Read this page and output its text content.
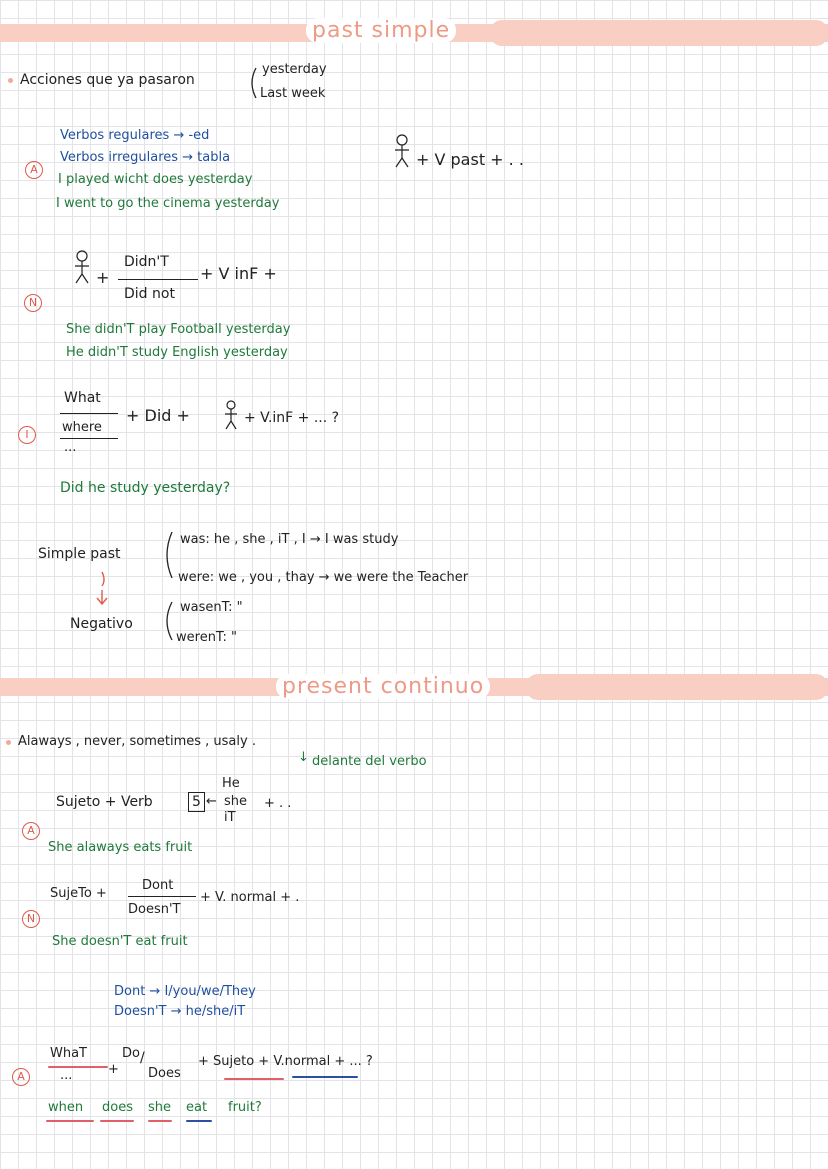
past simple
Acciones que ya pasaron
yesterday
Last week
A
Verbos regulares → -ed
Verbos irregulares → tabla
I played wicht does yesterday
I went to go the cinema yesterday
+ V past + . .
N
+
Didn'T
Did not
+ V inF +
She didn'T play Football yesterday
He didn'T study English yesterday
I
What
where
...
+ Did +	+ V.inF + ... ?
Did he study yesterday?
Simple past
was: he , she , iT , I → I was study
were: we , you , thay → we were the Teacher
Negativo
wasenT: "
werenT: "
present continuo
Alaways , never, sometimes , usaly .
↓ delante del verbo
Sujeto + Verb	5 ←
He
she
iT
+ . .
A
She alaways eats fruit
N
SujeTo +
Dont
Doesn'T
+ V. normal + .
She doesn'T eat fruit
Dont → I/you/we/They
Doesn'T → he/she/iT
A
WhaT
...	+
Do /
Does
+ Sujeto + V.normal + ... ?
when does she eat fruit?
